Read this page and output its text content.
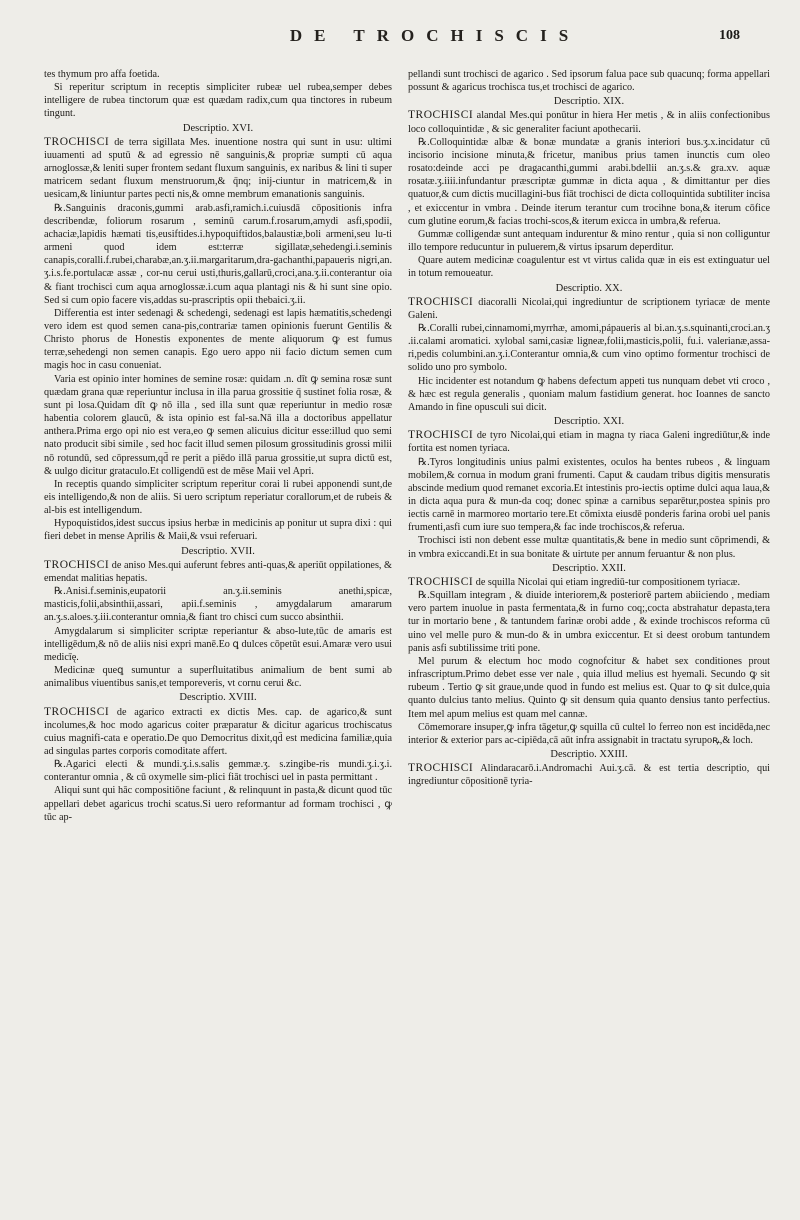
DE TROCHISCIS	108

tes thymum pro affa foetida.

Si reperitur scriptum in receptis simpliciter rubeæ uel rubea,semper debes intelligere de rubea tinctorum quæ est quædam radix,cum qua tinctores in rubeum tingunt.

Descriptio. XVI.

TROCHISCI de terra sigillata Mes. inuentione nostra qui sunt in usu: ultimi iuuamenti ad sputū & ad egressio nē sanguinis,& propriæ sumpti cū aqua arnoglossæ,& leniti super frontem sedant fluxum sanguinis, ex naribus & lini ti super matricem sedant fluxum menstruorum,& q̄nq; inij-ciuntur in matricem,& in uesicam,& liniuntur partes pecti nis,& omne membrum emanationis sanguinis.

℞.Sanguinis draconis,gummi arab.asfi,ramich.i.cuiusdā cōpositionis infra describendæ, foliorum rosarum , seminū carum.f.rosarum,amydi asfi,spodii, achaciæ,lapidis hæmati tis,eusiftides.i.hypoquiftidos,balaustiæ,boli armeni,seu lu-ti armeni quod idem est:terræ sigillatæ,sehedengi.i.seminis canapis,coralli.f.rubei,charabæ,an.ʒ.ii.margaritarum,dra-gachanthi,papaueris nigri,an. ʒ.i.s.fe.portulacæ assæ , cor-nu cerui usti,thuris,gallarū,croci,ana.ʒ.ii.conterantur oia & fiant trochisci cum aqua arnoglossæ.i.cum aqua plantagi nis & hi sunt sine opio. Sed si cum opio facere vis,addas su-prascriptis opii thebaici.ʒ.ii.

Differentia est inter sedenagi & schedengi, sedenagi est lapis hæmatitis,schedengi vero idem est quod semen cana-pis,contrariæ tamen opinionis fuerunt Gentilis & Christo phorus de Honestis exponentes de mente aliquorum ꝙ est fumus terræ,sehedengi non semen canapis. Ego uero appo nii facio dictum semen cum magis hoc in casu conueniat.

Varia est opinio inter homines de semine rosæ: quidam .n. dīt ꝙ semina rosæ sunt quædam grana quæ reperiuntur inclusa in illa parua grossitie q̄ sustinet folia rosæ, & sunt pi losa.Quidam dīt ꝙ nō illa , sed illa sunt quæ reperiuntur in medio rosæ habentia colorem glaucū, & ista opinio est fal-sa.Nā illa a doctoribus appellatur anthera.Prima ergo opi nio est vera,eo ꝙ semen alicuius dicitur esse:illud quo semi nato producit sibi simile , sed hoc facit illud semen pilosum grossitudinis grossi milii nō rotundū, sed cōpressum,qd̄ re perit a piēdo illā parua grossitie,ut supra dictū est, & uulgo dicitur grataculo.Et colligendū est de mēse Maii vel Apri.

In receptis quando simpliciter scriptum reperitur corai li rubei apponendi sunt,de eis intelligendo,& non de aliis. Si uero scriptum reperiatur corallorum,et de rubeis & al-bis est intelligendum.

Hypoquistidos,idest succus ipsius herbæ in medicinis ap ponitur ut supra dixi : qui fieri debet in mense Aprilis & Maii,& vsui referuari.

Descriptio. XVII.

TROCHISCI de aniso Mes.qui auferunt febres anti-quas,& aperiūt oppilationes, & emendat malitias hepatis.

℞.Anisi.f.seminis,eupatorii an.ʒ.ii.seminis anethi,spicæ, masticis,folii,absinthii,assari, apii.f.seminis , amygdalarum amararum an.ʒ.s.aloes.ʒ.iii.conterantur omnia,& fiant tro chisci cum succo absinthii.

Amygdalarum si simpliciter scriptæ reperiantur & abso-lute,tūc de amaris est intelligēdum,& nō de aliis nisi expri manē.Eo ꝗ dulces cōpetūt esui.Amaræ vero usui medicīę.

Medicinæ queꝗ sumuntur a superfluitatibus animalium de bent sumi ab animalibus viuentibus sanis,et temporeveris, vt cornu cerui &c.

Descriptio. XVIII.

TROCHISCI de agarico extracti ex dictis Mes. cap. de agarico,& sunt incolumes,& hoc modo agaricus coiter præparatur & dicitur agaricus trochiscatus cuius magnifi-cata e operatio.De quo Democritus dixit,qd̄ est medicina familiæ,quia ad singulas partes corporis comoditate affert.

℞.Agarici electi & mundi.ʒ.i.s.salis gemmæ.ʒ. s.zingibe-ris mundi.ʒ.i.ʒ.i. conterantur omnia , & cū oxymelle sim-plici fiāt trochisci uel in pasta permittant .

Aliqui sunt qui hāc compositiōne faciunt , & relinquunt in pasta,& dicunt quod tūc appellari debet agaricus trochi scatus.Si uero reformantur ad formam trochisci , ꝙ tūc ap-

pellandi sunt trochisci de agarico . Sed ipsorum falua pace sub quacunq; forma appellari possunt & agaricus trochisca tus,et trochisci de agarico.

Descriptio. XIX.

TROCHISCI alandal Mes.qui ponūtur in hiera Her metis , & in aliis confectionibus loco colloquintidæ , & sic generaliter faciunt apothecarii.

℞.Colloquintidæ albæ & bonæ mundatæ a granis interiori bus.ʒ.x.incidatur cū incisorio incisione minuta,& fricetur, manibus prius tamen inunctis cum oleo rosato:deinde acci pe dragacanthi,gummi arabi.bdellii an.ʒ.s.& gra.xv. aquæ rosatæ.ʒ.iiii.infundantur præscriptæ gummæ in dicta aqua , & dimittantur per dies quatuor,& cum dictis mucillagini-bus fiāt trochisci de dicta colloquintida subtiliter incisa , et exiccentur in vmbra . Deinde iterum terantur cum trocihne bona,& iterum cōfice cum glutine eorum,& facias trochi-scos,& iterum exicca in umbra,& referua.

Gummæ colligendæ sunt antequam indurentur & mino rentur , quia si non colliguntur illo tempore reducuntur in puluerem,& virtus ipsarum deperditur.

Quare autem medicinæ coagulentur est vt virtus calida quæ in eis est extinguatur uel in totum remoueatur.

Descriptio. XX.

TROCHISCI diacoralli Nicolai,qui ingrediuntur de scriptionem tyriacæ de mente Galeni.

℞.Coralli rubei,cinnamomi,myrrhæ, amomi,pápaueris al bi.an.ʒ.s.squinanti,croci.an.ʒ .ii.calami aromatici. xylobal sami,casiæ ligneæ,folii,masticis,polii, fu.i. valerianæ,assa-ri,pedis columbini.an.ʒ.i.Conterantur omnia,& cum vino optimo formentur trochisci de solido uno pro symbolo.

Hic incidenter est notandum ꝙ habens defectum appeti tus nunquam debet vti croco , & hæc est regula generalis , quoniam malum fastidium generat. hoc Ioannes de sancto Amando in fine opusculi sui dicit.

Descriptio. XXI.

TROCHISCI de tyro Nicolai,qui etiam in magna ty riaca Galeni ingrediūtur,& inde fortita est nomen tyriaca.

℞.Tyros longitudinis unius palmi existentes, oculos ha bentes rubeos , & linguam mobilem,& cornua in modum grani frumenti. Caput & caudam tribus digitis mensuratis abscinde medium quod remanet excoria.Et intestinis pro-iectis optime dulci aqua laua,& in dicta aqua pura & mun-da coq; donec spinæ a carnibus separētur,postea spinis pro iectis carnē in marmoreo mortario tere.Et cōmixta eiusdē ponderis farina orobi uel panis frumenti,asfi cum iure suo tempera,& fac inde trochiscos,& referua.

Trochisci isti non debent esse multæ quantitatis,& bene in medio sunt cōprimendi, & in vmbra exiccandi.Et in sua bonitate & uirtute per annum feruantur & non plus.

Descriptio. XXII.

TROCHISCI de squilla Nicolai qui etiam ingrediū-tur compositionem tyriacæ.

℞.Squillam integram , & diuide interiorem,& posteriorē partem abiiciendo , mediam vero partem inuolue in pasta fermentata,& in furno coq;,cocta abstrahatur depasta,tera tur in mortario bene , & tantundem farinæ orobi adde , & exinde trochiscos reforma cū uino vel melle puro & mun-do & in umbra exiccentur. Et si deest orobum tantundem panis asfi subtilissime triti pone.

Mel purum & electum hoc modo cognofcitur & habet sex conditiones prout infrascriptum.Primo debet esse ver nale , quia illud melius est hyemali. Secundo ꝙ sit rubeum . Tertio ꝙ sit graue,unde quod in fundo est melius est. Quar to ꝙ sit dulce,quia quanto dulcius tanto melius. Quinto ꝙ sit densum quia quanto densius tanto perfectius. Item mel apum melius est quam mel cannæ.

Cōmemorare insuper,ꝙ infra tāgetur,ꝙ squilla cū cultel lo ferreo non est incidēda,nec interior & exterior pars ac-cipiēda,cā aūt infra assignabit in tractatu syrupoꝶ,& loch.

Descriptio. XXIII.

TROCHISCI Alindaracarō.i.Andromachi Aui.ʒ.cā. & est tertia descriptio, qui ingrediuntur cōpositionē tyria-
